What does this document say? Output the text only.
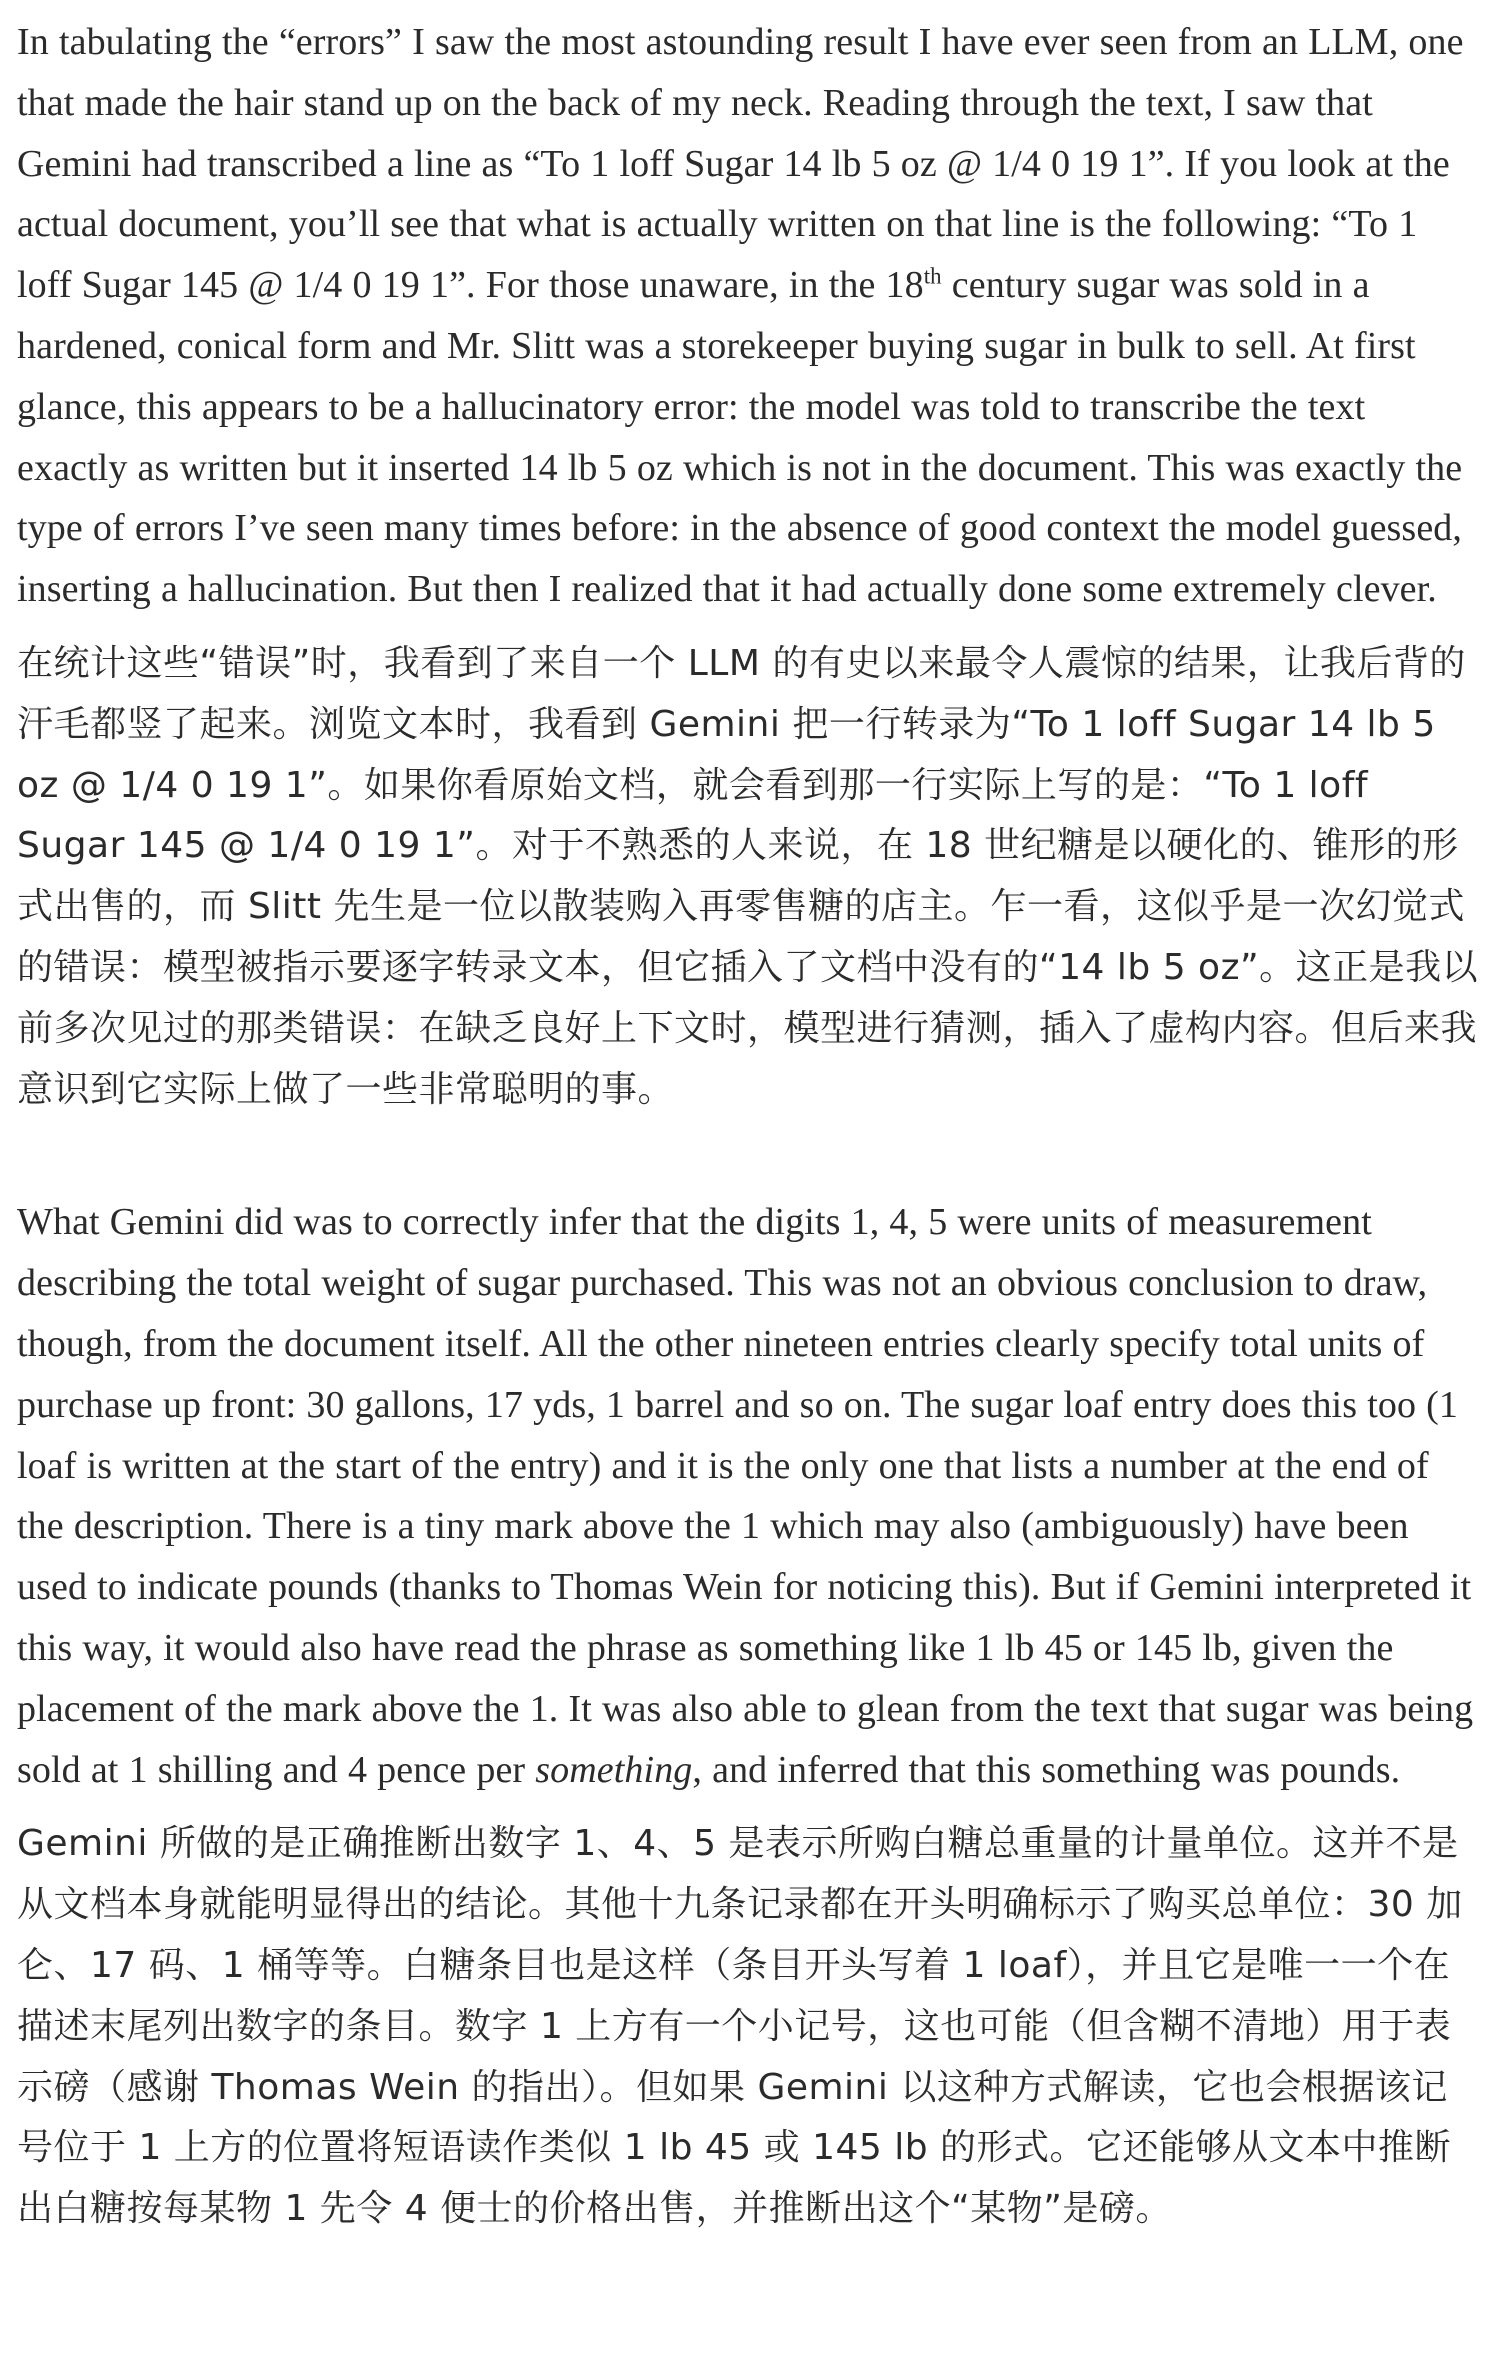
In tabulating the “errors” I saw the most astounding result I have ever seen from an LLM, one that made the hair stand up on the back of my neck. Reading through the text, I saw that Gemini had transcribed a line as “To 1 loff Sugar 14 lb 5 oz @ 1/4 0 19 1”. If you look at the actual document, you’ll see that what is actually written on that line is the following: “To 1 loff Sugar 145 @ 1/4 0 19 1”. For those unaware, in the 18th century sugar was sold in a hardened, conical form and Mr. Slitt was a storekeeper buying sugar in bulk to sell. At first glance, this appears to be a hallucinatory error: the model was told to transcribe the text exactly as written but it inserted 14 lb 5 oz which is not in the document. This was exactly the type of errors I’ve seen many times before: in the absence of good context the model guessed, inserting a hallucination. But then I realized that it had actually done some extremely clever.

在统计这些“错误”时，我看到了来自一个 LLM 的有史以来最令人震惊的结果，让我后背的汗毛都竖了起来。浏览文本时，我看到 Gemini 把一行转录为“To 1 loff Sugar 14 lb 5 oz @ 1/4 0 19 1”。如果你看原始文档，就会看到那一行实际上写的是：“To 1 loff Sugar 145 @ 1/4 0 19 1”。对于不熟悉的人来说，在 18 世纪糖是以硬化的、锥形的形式出售的，而 Slitt 先生是一位以散装购入再零售糖的店主。乍一看，这似乎是一次幻觉式的错误：模型被指示要逐字转录文本，但它插入了文档中没有的“14 lb 5 oz”。这正是我以前多次见过的那类错误：在缺乏良好上下文时，模型进行猜测，插入了虚构内容。但后来我意识到它实际上做了一些非常聪明的事。

What Gemini did was to correctly infer that the digits 1, 4, 5 were units of measurement describing the total weight of sugar purchased. This was not an obvious conclusion to draw, though, from the document itself. All the other nineteen entries clearly specify total units of purchase up front: 30 gallons, 17 yds, 1 barrel and so on. The sugar loaf entry does this too (1 loaf is written at the start of the entry) and it is the only one that lists a number at the end of the description. There is a tiny mark above the 1 which may also (ambiguously) have been used to indicate pounds (thanks to Thomas Wein for noticing this). But if Gemini interpreted it this way, it would also have read the phrase as something like 1 lb 45 or 145 lb, given the placement of the mark above the 1. It was also able to glean from the text that sugar was being sold at 1 shilling and 4 pence per something, and inferred that this something was pounds.

Gemini 所做的是正确推断出数字 1、4、5 是表示所购白糖总重量的计量单位。这并不是从文档本身就能明显得出的结论。其他十九条记录都在开头明确标示了购买总单位：30 加仑、17 码、1 桶等等。白糖条目也是这样（条目开头写着 1 loaf），并且它是唯一一个在描述末尾列出数字的条目。数字 1 上方有一个小记号，这也可能（但含糊不清地）用于表示磅（感谢 Thomas Wein 的指出）。但如果 Gemini 以这种方式解读，它也会根据该记号位于 1 上方的位置将短语读作类似 1 lb 45 或 145 lb 的形式。它还能够从文本中推断出白糖按每某物 1 先令 4 便士的价格出售，并推断出这个“某物”是磅。
